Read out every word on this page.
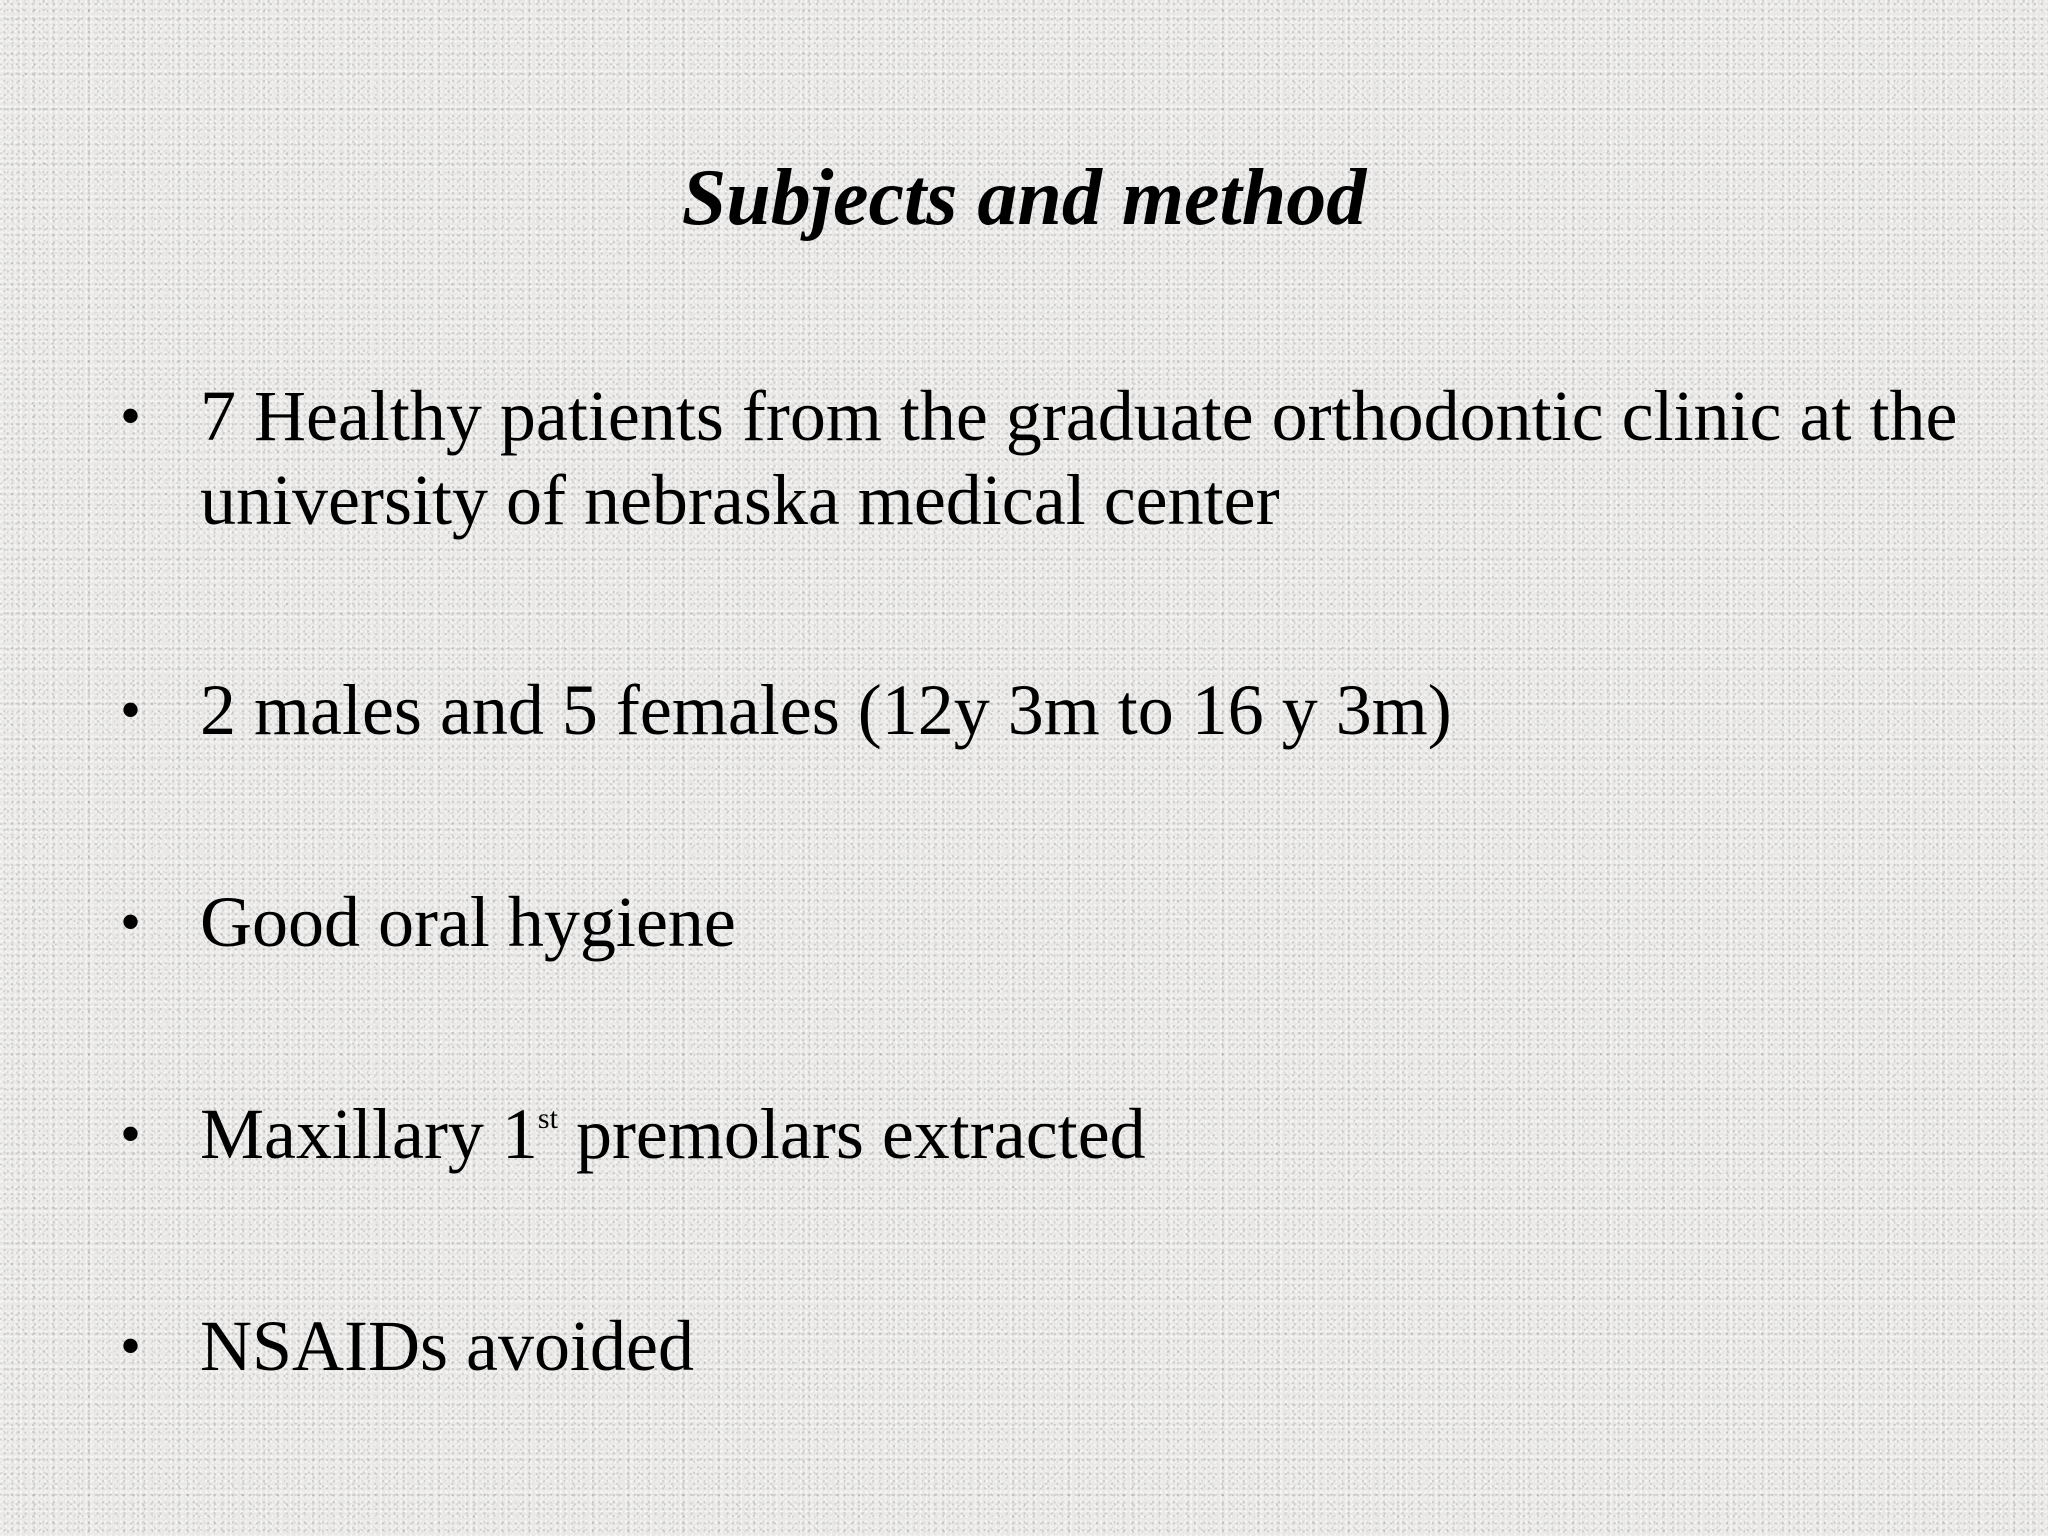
Subjects and method
• 7 Healthy patients from the graduate orthodontic clinic at the university of nebraska medical center
• 2 males and 5 females (12y 3m to 16 y 3m)
• Good oral hygiene
• Maxillary 1st premolars extracted
• NSAIDs avoided
